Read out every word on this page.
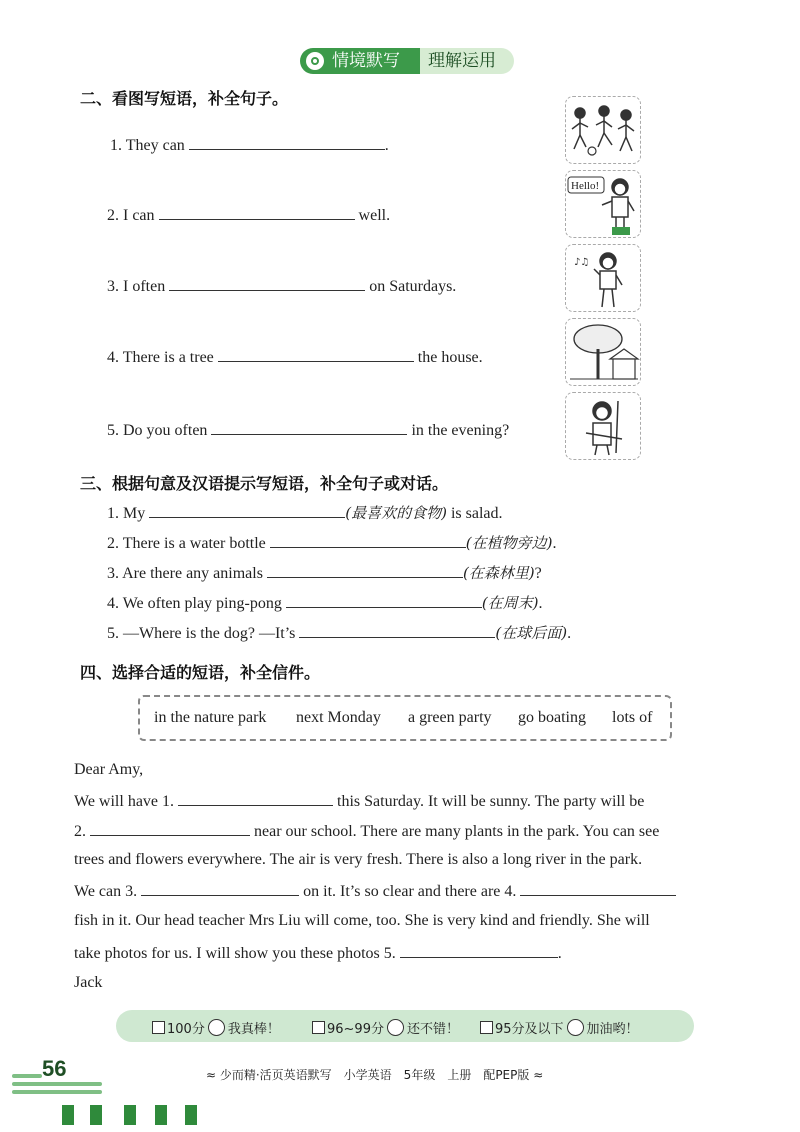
情境默写	理解运用
二、看图写短语，补全句子。
1. They can	.
2. I can	well.
3. I often	on Saturdays.
4. There is a tree	the house.
5. Do you often	in the evening?
Hello!
♪♫
三、根据句意及汉语提示写短语，补全句子或对话。
1. My	(最喜欢的食物) is salad.
2. There is a water bottle	(在植物旁边).
3. Are there any animals	(在森林里)?
4. We often play ping-pong	(在周末).
5. —Where is the dog? —It’s	(在球后面).
四、选择合适的短语，补全信件。
in the nature park next Monday a green party go boating lots of
Dear Amy,
We will have 1.	this Saturday. It will be sunny. The party will be
2.	near our school. There are many plants in the park. You can see
trees and flowers everywhere. The air is very fresh. There is also a long river in the park.
We can 3.	on it. It’s so clear and there are 4.
fish in it. Our head teacher Mrs Liu will come, too. She is very kind and friendly. She will
take photos for us. I will show you these photos 5.	.
Jack
100分 我真棒！	96~99分 还不错！	95分及以下 加油哟！
56	≈ 少而精·活页英语默写　小学英语　5年级　上册　配PEP版 ≈
